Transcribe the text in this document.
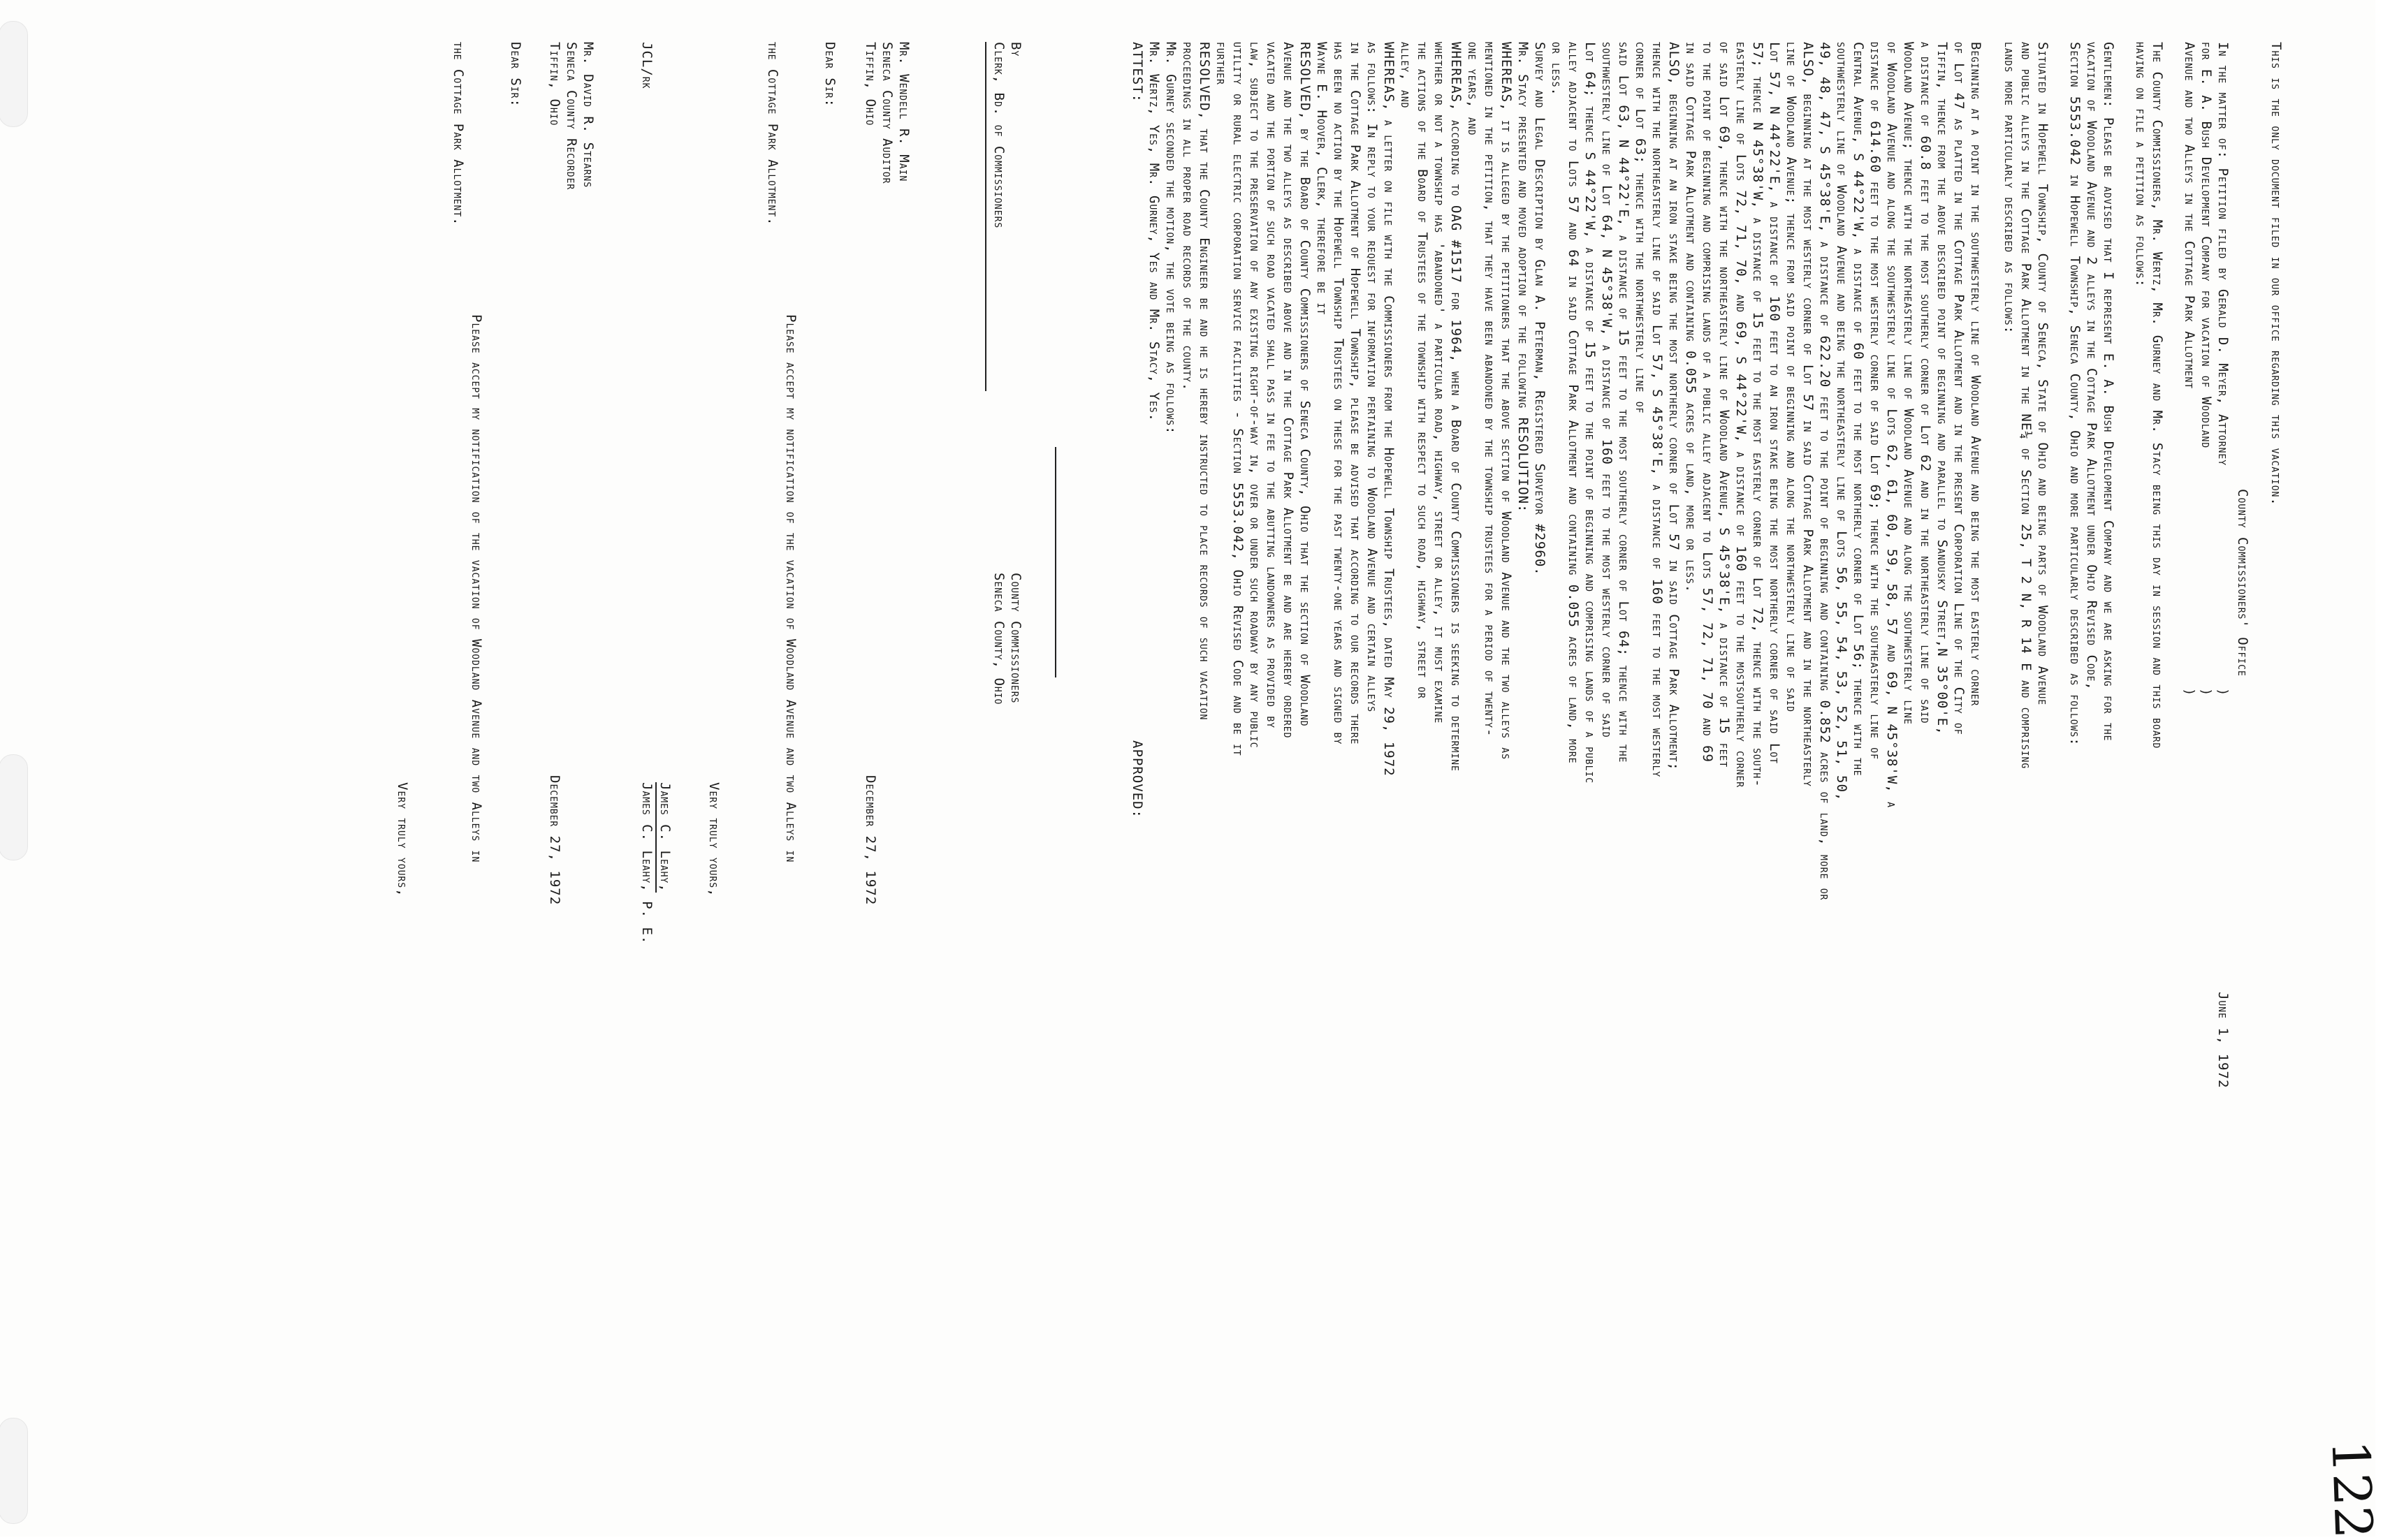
122
This is the only document filed in our office regarding this vacation.
County Commissioners' Office
In the matter of: Petition filed by Gerald D. Meyer, Attorney
for E. A. Bush Development Company for vacation of Woodland
Avenue and two Alleys in the Cottage Park Allotment
)
)
)
June 1, 1972
The County Commissioners, Mr. Wertz, Mr. Gurney and Mr. Stacy being this day in session and this board
having on file a petition as follows:
Gentlemen: Please be advised that I represent E. A. Bush Development Company and we are asking for the
vacation of Woodland Avenue and 2 alleys in the Cottage Park Allotment under Ohio Revised Code,
Section 5553.042 in Hopewell Township, Seneca County, Ohio and more particularly described as follows:
Situated in Hopewell Township, County of Seneca, State of Ohio and being parts of Woodland Avenue
and public alleys in the Cottage Park Allotment in the NE¼ of Section 25, T 2 N, R 14 E and comprising
lands more particularly described as follows:
Beginning at a point in the southwesterly line of Woodland Avenue and being the most easterly corner
of Lot 47 as platted in the Cottage Park Allotment and in the present Corporation Line of the City of
Tiffin, thence from the above described point of beginning and parallel to Sandusky Street,N 35°00'E,
a distance of 60.8 feet to the most southerly corner of Lot 62 and in the northeasterly line of said
Woodland Avenue; thence with the northeasterly line of Woodland Avenue and along the southwesterly line
of Woodland Avenue and along the southwesterly line of Lots 62, 61, 60, 59, 58, 57 and 69, N 45°38'W, a
distance of 614.60 feet to the most westerly corner of said Lot 69; thence with the southeasterly line of
Central Avenue, S 44°22'W, a distance of 60 feet to the most northerly corner of Lot 56; thence with the
southwesterly line of Woodland Avenue and being the northeasterly line of Lots 56, 55, 54, 53, 52, 51, 50,
49, 48, 47, S 45°38'E, a distance of 622.20 feet to the point of beginning and containing 0.852 acres of land, more or
ALSO, beginning at the most westerly corner of Lot 57 in said Cottage Park Allotment and in the northeasterly
line of Woodland Avenue; thence from said point of beginning and along the northwesterly line of said
Lot 57, N 44°22'E, a distance of 160 feet to an iron stake being the most northerly corner of said Lot
57; thence N 45°38'W, a distance of 15 feet to the most easterly corner of Lot 72, thence with the south-
easterly line of Lots 72, 71, 70, and 69, S 44°22'W, a distance of 160 feet to the mostsoutherly corner
of said Lot 69, thence with the northeasterly line of Woodland Avenue, S 45°38'E, a distance of 15 feet
to the point of beginning and comprising lands of a public alley adjacent to Lots 57, 72, 71, 70 and 69
in said Cottage Park Allotment and containing 0.055 acres of land, more or less.
ALSO, beginning at an iron stake being the most northerly corner of Lot 57 in said Cottage Park Allotment;
thence with the northeasterly line of said Lot 57, S 45°38'E, a distance of 160 feet to the most westerly
corner of Lot 63; thence with the northwesterly line of
said Lot 63, N 44°22'E, a distance of 15 feet to the most southerly corner of Lot 64; thence with the
southwesterly line of Lot 64, N 45°38'W, a distance of 160 feet to the most westerly corner of said
Lot 64; thence S 44°22'W, a distance of 15 feet to the point of beginning and comprising lands of a public
alley adjacent to Lots 57 and 64 in said Cottage Park Allotment and containing 0.055 acres of land, more
or less.
Survey and Legal Description by Glan A. Peterman, Registered Surveyor #2960.
Mr. Stacy presented and moved adoption of the following RESOLUTION:
WHEREAS, it is alleged by the petitioners that the above section of Woodland Avenue and the two alleys as
mentioned in the petition, that they have been abandoned by the township trustees for a period of twenty-
one years, and
WHEREAS, according to OAG #1517 for 1964, when a Board of County Commissioners is seeking to determine
whether or not a township has 'abandoned' a particular road, highway, street or alley, it must examine
the actions of the Board of Trustees of the township with respect to such road, highway, street or
alley, and
WHEREAS, a letter on file with the Commissioners from the Hopewell Township Trustees, dated May 29, 1972
as follows: In reply to your request for information pertaining to Woodland Avenue and certain alleys
in the Cottage Park Allotment of Hopewell Township, please be advised that according to our records there
has been no action by the Hopewell Township Trustees on these for the past twenty-one years and signed by
Wayne E. Hoover, Clerk, therefore be it
RESOLVED, by the Board of County Commissioners of Seneca County, Ohio that the section of Woodland
Avenue and the two alleys as described above and in the Cottage Park Allotment be and are hereby ordered
vacated and the portion of such road vacated shall pass in fee to the abutting landowners as provided by
law, subject to the preservation of any existing right-of-way in, over or under such roadway by any public
utility or rural electric corporation service facilities - Section 5553.042, Ohio Revised Code and be it
further
RESOLVED, that the County Engineer be and he is hereby instructed to place records of such vacation
proceedings in all proper road records of the county.
Mr. Gurney seconded the motion, the vote being as follows:
Mr. Wertz, Yes, Mr. Gurney, Yes and Mr. Stacy, Yes.
ATTEST:
APPROVED:
By
Clerk, Bd. of Commissioners
County Commissioners
Seneca County, Ohio
Mr. Wendell R. Main
Seneca County Auditor
Tiffin, Ohio
December 27, 1972
Dear Sir:
Please accept my notification of the vacation of Woodland Avenue and two Alleys in
the Cottage Park Allotment.
Very truly yours,
James C. Leahy,
James C. Leahy, P. E.
JCL/rk
Mr. David R. Stearns
Seneca County Recorder
Tiffin, Ohio
December 27, 1972
Dear Sir:
Please accept my notification of the vacation of Woodland Avenue and two Alleys in
the Cottage Park Allotment.
Very truly yours,
